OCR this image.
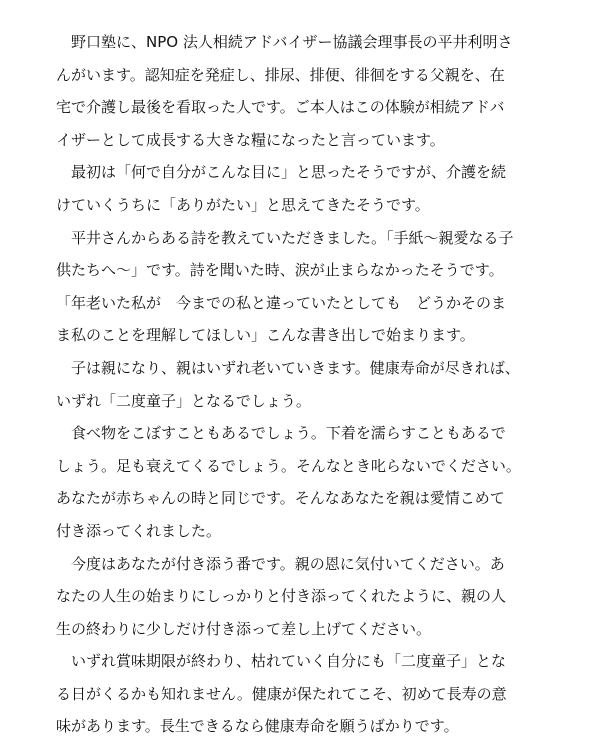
野口塾に、NPO 法人相続アドバイザー協議会理事長の平井利明さ
んがいます。認知症を発症し、排尿、排便、徘徊をする父親を、在
宅で介護し最後を看取った人です。ご本人はこの体験が相続アドバ
イザーとして成長する大きな糧になったと言っています。
最初は「何で自分がこんな目に」と思ったそうですが、介護を続
けていくうちに「ありがたい」と思えてきたそうです。
平井さんからある詩を教えていただきました。「手紙～親愛なる子
供たちへ～」です。詩を聞いた時、涙が止まらなかったそうです。
「年老いた私が　今までの私と違っていたとしても　どうかそのま
ま私のことを理解してほしい」こんな書き出しで始まります。
子は親になり、親はいずれ老いていきます。健康寿命が尽きれば、
いずれ「二度童子」となるでしょう。
食べ物をこぼすこともあるでしょう。下着を濡らすこともあるで
しょう。足も衰えてくるでしょう。そんなとき叱らないでください。
あなたが赤ちゃんの時と同じです。そんなあなたを親は愛情こめて
付き添ってくれました。
今度はあなたが付き添う番です。親の恩に気付いてください。あ
なたの人生の始まりにしっかりと付き添ってくれたように、親の人
生の終わりに少しだけ付き添って差し上げてください。
いずれ賞味期限が終わり、枯れていく自分にも「二度童子」とな
る日がくるかも知れません。健康が保たれてこそ、初めて長寿の意
味があります。長生できるなら健康寿命を願うばかりです。
